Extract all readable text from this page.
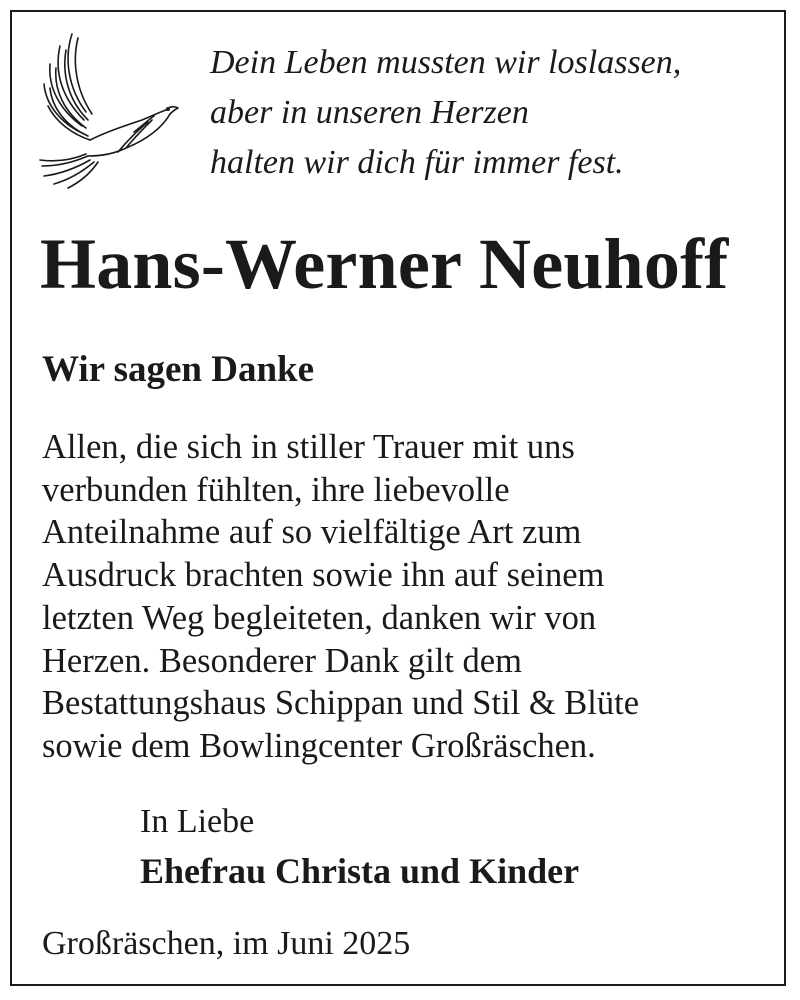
Dein Leben mussten wir loslassen,
aber in unseren Herzen
halten wir dich für immer fest.

Hans-Werner Neuhoff
Wir sagen Danke

Allen, die sich in stiller Trauer mit uns
verbunden fühlten, ihre liebevolle
Anteilnahme auf so vielfältige Art zum
Ausdruck brachten sowie ihn auf seinem
letzten Weg begleiteten, danken wir von
Herzen. Besonderer Dank gilt dem
Bestattungshaus Schippan und Stil & Blüte
sowie dem Bowlingcenter Großräschen.

In Liebe

Ehefrau Christa und Kinder

Großräschen, im Juni 2025
